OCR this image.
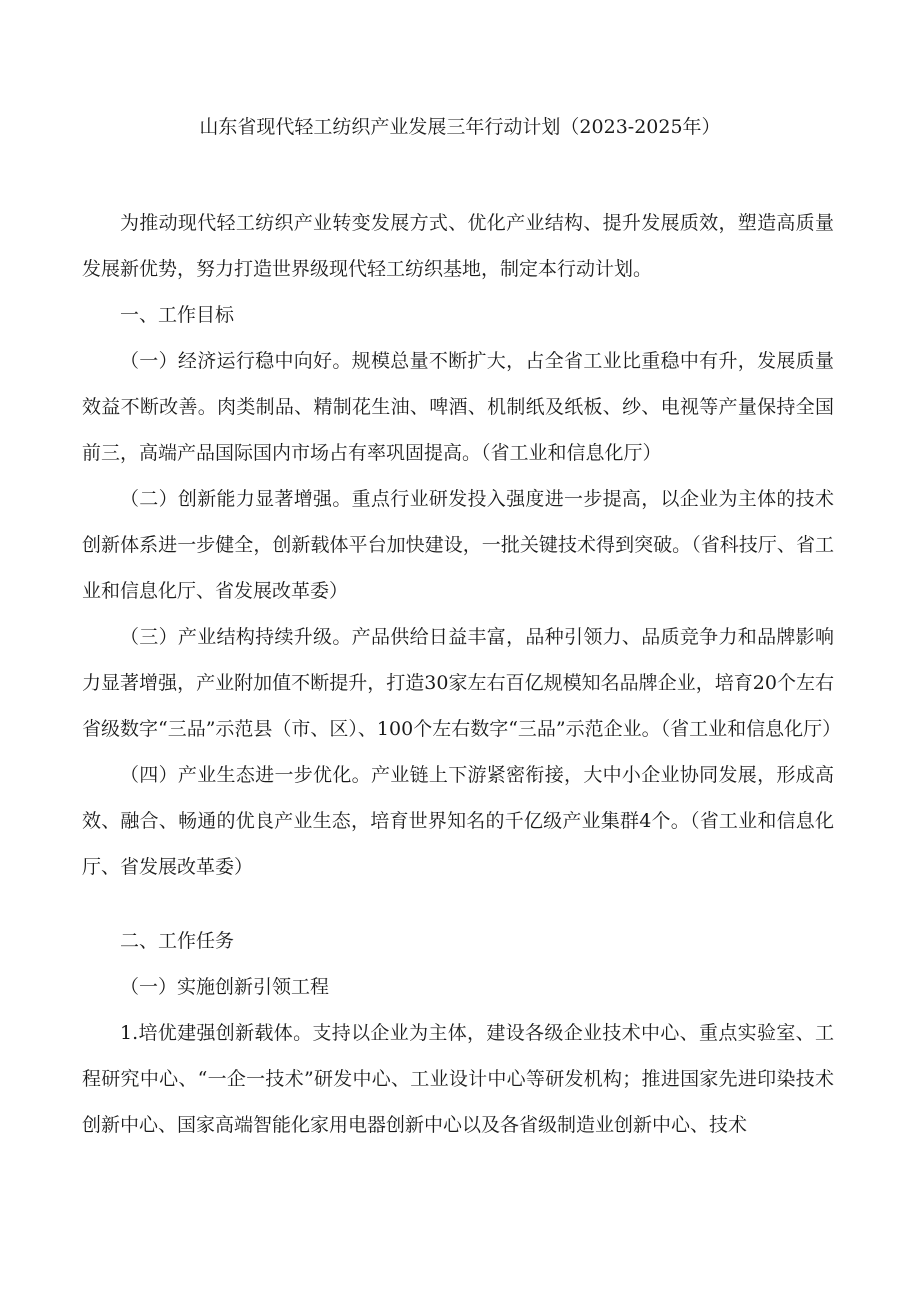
山东省现代轻工纺织产业发展三年行动计划（2023-2025年）

为推动现代轻工纺织产业转变发展方式、优化产业结构、提升发展质效，塑造高质量发展新优势，努力打造世界级现代轻工纺织基地，制定本行动计划。

一、工作目标

（一）经济运行稳中向好。规模总量不断扩大，占全省工业比重稳中有升，发展质量效益不断改善。肉类制品、精制花生油、啤酒、机制纸及纸板、纱、电视等产量保持全国前三，高端产品国际国内市场占有率巩固提高。（省工业和信息化厅）

（二）创新能力显著增强。重点行业研发投入强度进一步提高，以企业为主体的技术创新体系进一步健全，创新载体平台加快建设，一批关键技术得到突破。（省科技厅、省工业和信息化厅、省发展改革委）

（三）产业结构持续升级。产品供给日益丰富，品种引领力、品质竞争力和品牌影响力显著增强，产业附加值不断提升，打造30家左右百亿规模知名品牌企业，培育20个左右省级数字“三品”示范县（市、区）、100个左右数字“三品”示范企业。（省工业和信息化厅）

（四）产业生态进一步优化。产业链上下游紧密衔接，大中小企业协同发展，形成高效、融合、畅通的优良产业生态，培育世界知名的千亿级产业集群4个。（省工业和信息化厅、省发展改革委）

二、工作任务

（一）实施创新引领工程

1.培优建强创新载体。支持以企业为主体，建设各级企业技术中心、重点实验室、工程研究中心、“一企一技术”研发中心、工业设计中心等研发机构；推进国家先进印染技术创新中心、国家高端智能化家用电器创新中心以及各省级制造业创新中心、技术
